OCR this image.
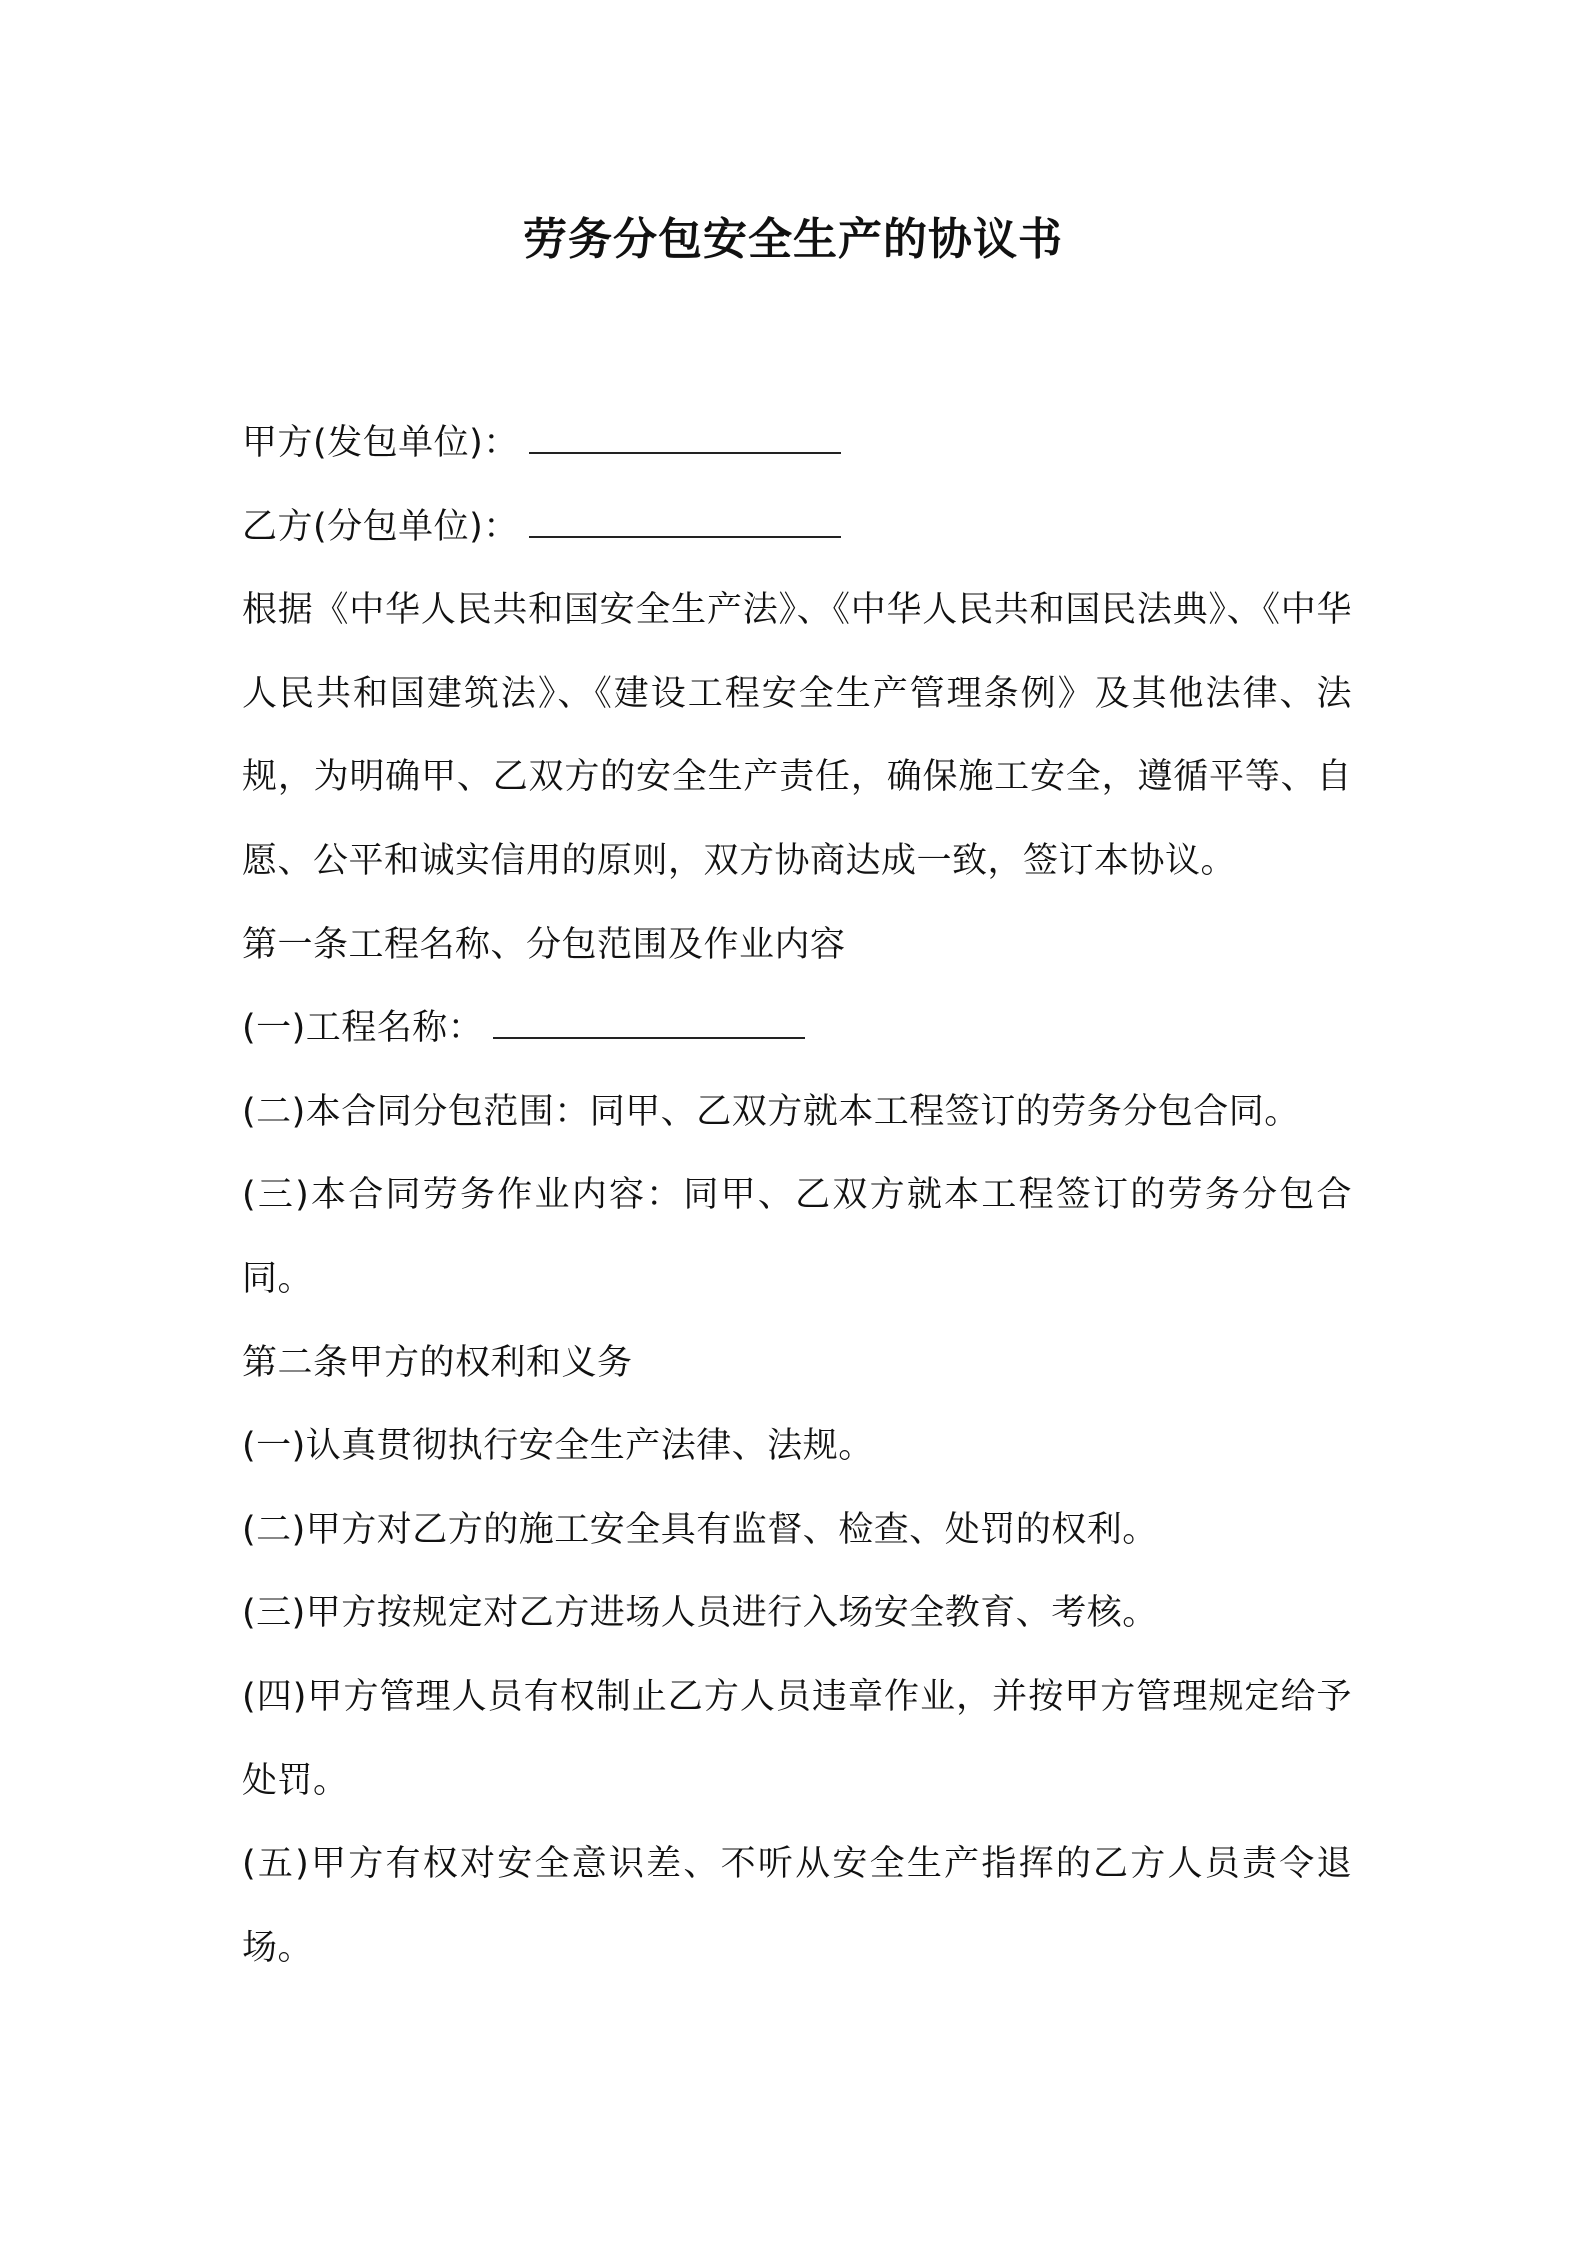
劳务分包安全生产的协议书

甲方(发包单位)：

乙方(分包单位)：

根据《中华人民共和国安全生产法》、《中华人民共和国民法典》、《中华人民共和国建筑法》、《建设工程安全生产管理条例》及其他法律、法规，为明确甲、乙双方的安全生产责任，确保施工安全，遵循平等、自愿、公平和诚实信用的原则，双方协商达成一致，签订本协议。

第一条工程名称、分包范围及作业内容

(一)工程名称：

(二)本合同分包范围：同甲、乙双方就本工程签订的劳务分包合同。

(三)本合同劳务作业内容：同甲、乙双方就本工程签订的劳务分包合同。

第二条甲方的权利和义务

(一)认真贯彻执行安全生产法律、法规。

(二)甲方对乙方的施工安全具有监督、检查、处罚的权利。

(三)甲方按规定对乙方进场人员进行入场安全教育、考核。

(四)甲方管理人员有权制止乙方人员违章作业，并按甲方管理规定给予处罚。

(五)甲方有权对安全意识差、不听从安全生产指挥的乙方人员责令退场。
